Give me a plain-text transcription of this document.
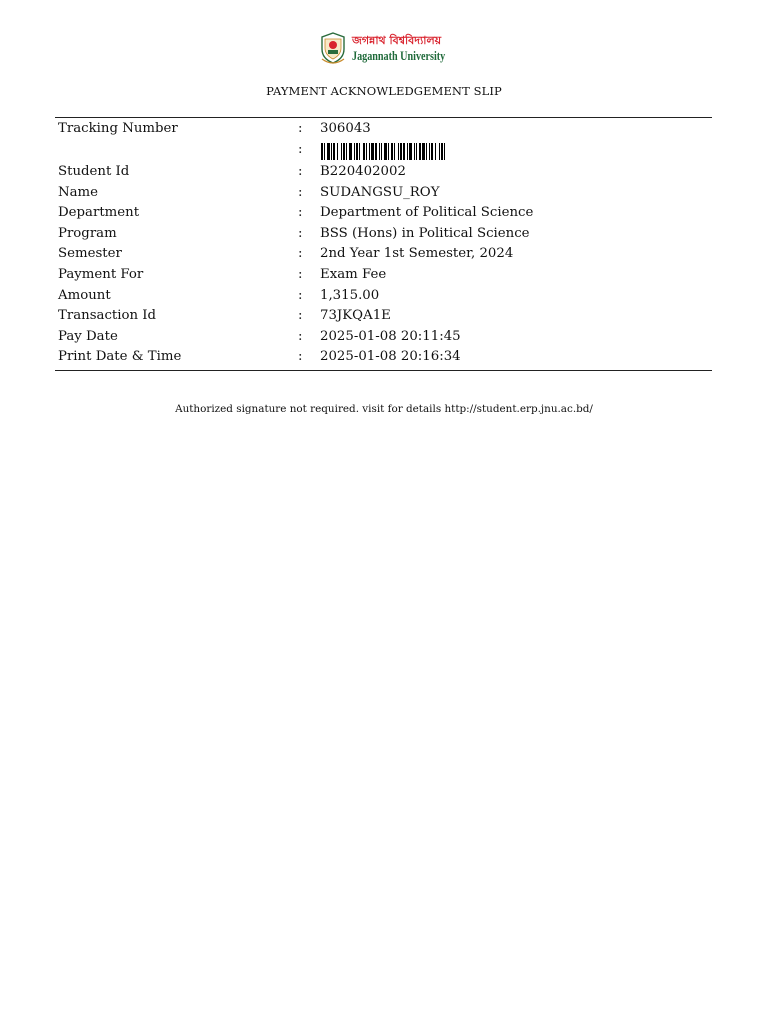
জগন্নাথ বিশ্ববিদ্যালয়
Jagannath University
PAYMENT ACKNOWLEDGEMENT SLIP
Tracking Number	: 306043
:
Student Id	: B220402002
Name	: SUDANGSU_ROY
Department	: Department of Political Science
Program	: BSS (Hons) in Political Science
Semester	: 2nd Year 1st Semester, 2024
Payment For	: Exam Fee
Amount	: 1,315.00
Transaction Id	: 73JKQA1E
Pay Date	: 2025-01-08 20:11:45
Print Date & Time	: 2025-01-08 20:16:34
Authorized signature not required. visit for details http://student.erp.jnu.ac.bd/
